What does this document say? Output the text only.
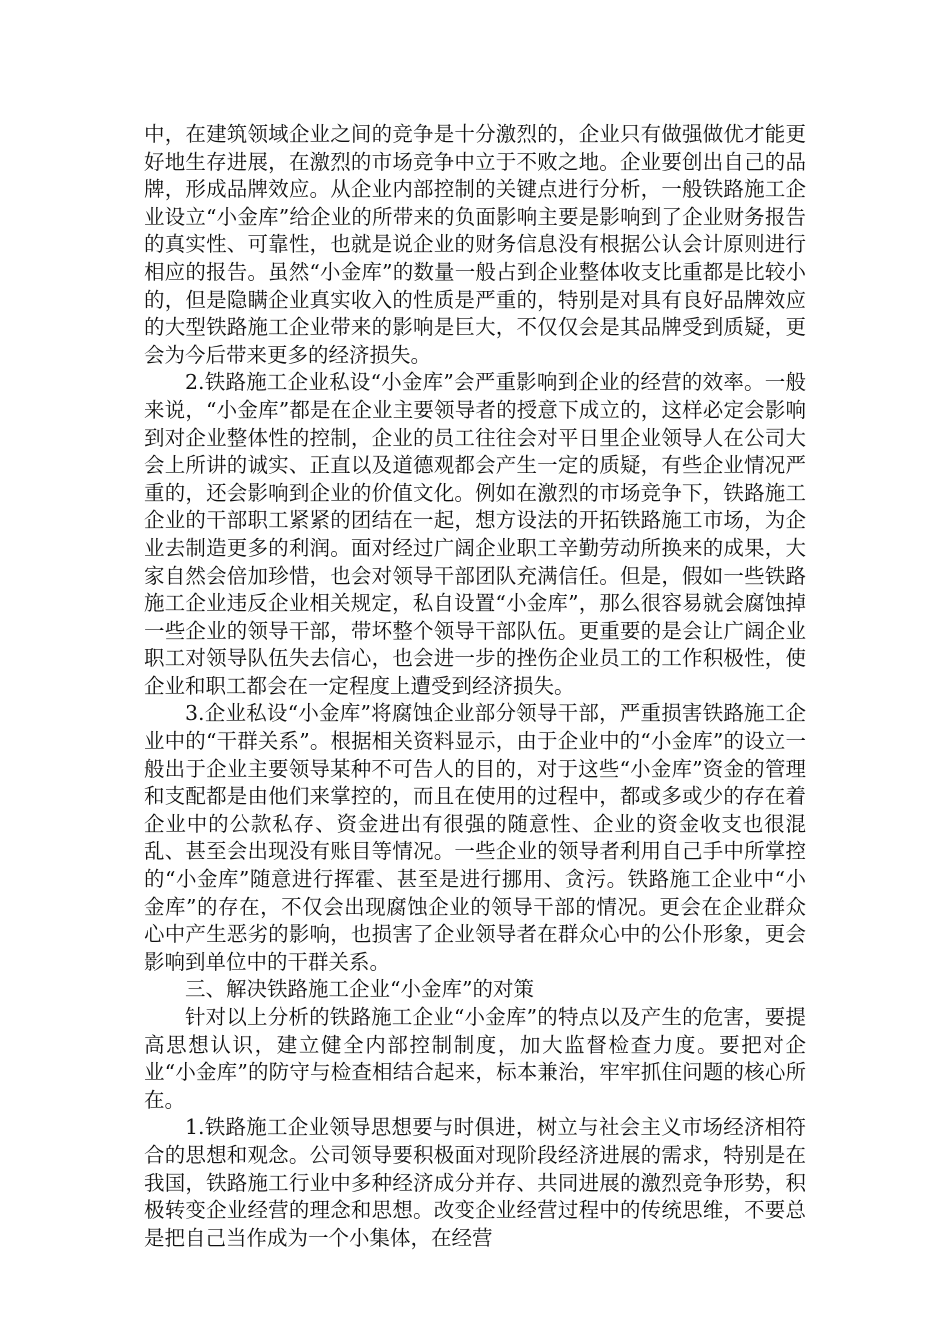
中，在建筑领域企业之间的竞争是十分激烈的，企业只有做强做优才能更好地生存进展，在激烈的市场竞争中立于不败之地。企业要创出自己的品牌，形成品牌效应。从企业内部控制的关键点进行分析，一般铁路施工企业设立“小金库”给企业的所带来的负面影响主要是影响到了企业财务报告的真实性、可靠性，也就是说企业的财务信息没有根据公认会计原则进行相应的报告。虽然“小金库”的数量一般占到企业整体收支比重都是比较小的，但是隐瞒企业真实收入的性质是严重的，特别是对具有良好品牌效应的大型铁路施工企业带来的影响是巨大，不仅仅会是其品牌受到质疑，更会为今后带来更多的经济损失。

2.铁路施工企业私设“小金库”会严重影响到企业的经营的效率。一般来说，“小金库”都是在企业主要领导者的授意下成立的，这样必定会影响到对企业整体性的控制，企业的员工往往会对平日里企业领导人在公司大会上所讲的诚实、正直以及道德观都会产生一定的质疑，有些企业情况严重的，还会影响到企业的价值文化。例如在激烈的市场竞争下，铁路施工企业的干部职工紧紧的团结在一起，想方设法的开拓铁路施工市场，为企业去制造更多的利润。面对经过广阔企业职工辛勤劳动所换来的成果，大家自然会倍加珍惜，也会对领导干部团队充满信任。但是，假如一些铁路施工企业违反企业相关规定，私自设置“小金库”，那么很容易就会腐蚀掉一些企业的领导干部，带坏整个领导干部队伍。更重要的是会让广阔企业职工对领导队伍失去信心，也会进一步的挫伤企业员工的工作积极性，使企业和职工都会在一定程度上遭受到经济损失。

3.企业私设“小金库”将腐蚀企业部分领导干部，严重损害铁路施工企业中的“干群关系”。根据相关资料显示，由于企业中的“小金库”的设立一般出于企业主要领导某种不可告人的目的，对于这些“小金库”资金的管理和支配都是由他们来掌控的，而且在使用的过程中，都或多或少的存在着企业中的公款私存、资金进出有很强的随意性、企业的资金收支也很混乱、甚至会出现没有账目等情况。一些企业的领导者利用自己手中所掌控的“小金库”随意进行挥霍、甚至是进行挪用、贪污。铁路施工企业中“小金库”的存在，不仅会出现腐蚀企业的领导干部的情况。更会在企业群众心中产生恶劣的影响，也损害了企业领导者在群众心中的公仆形象，更会影响到单位中的干群关系。

三、解决铁路施工企业“小金库”的对策

针对以上分析的铁路施工企业“小金库”的特点以及产生的危害，要提高思想认识，建立健全内部控制制度，加大监督检查力度。要把对企业“小金库”的防守与检查相结合起来，标本兼治，牢牢抓住问题的核心所在。

1.铁路施工企业领导思想要与时俱进，树立与社会主义市场经济相符合的思想和观念。公司领导要积极面对现阶段经济进展的需求，特别是在我国，铁路施工行业中多种经济成分并存、共同进展的激烈竞争形势，积极转变企业经营的理念和思想。改变企业经营过程中的传统思维，不要总是把自己当作成为一个小集体，在经营
